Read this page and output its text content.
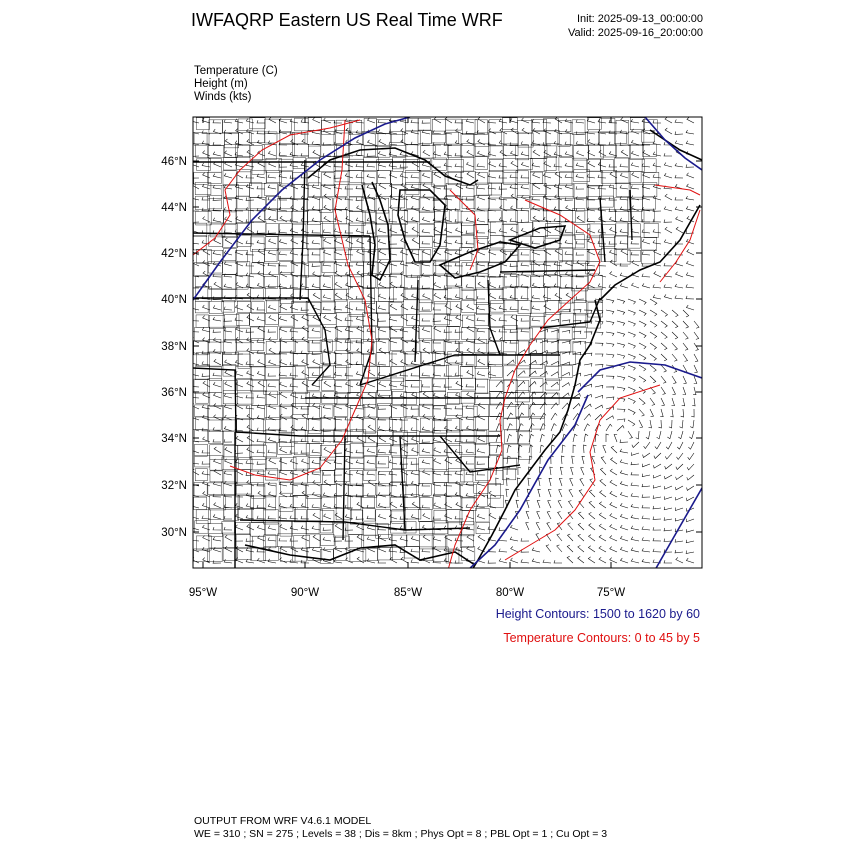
IWFAQRP Eastern US Real Time WRF	Init: 2025-09-13_00:00:00
Valid: 2025-09-16_20:00:00
Temperature (C)
Height (m)
Winds (kts)
46°N
44°N
42°N
40°N
38°N
36°N
34°N
32°N
30°N
95°W	90°W	85°W	80°W	75°W
Height Contours: 1500 to 1620 by 60
Temperature Contours: 0 to 45 by 5
OUTPUT FROM WRF V4.6.1 MODEL
WE = 310 ; SN = 275 ; Levels = 38 ; Dis = 8km ; Phys Opt = 8 ; PBL Opt = 1 ; Cu Opt = 3
